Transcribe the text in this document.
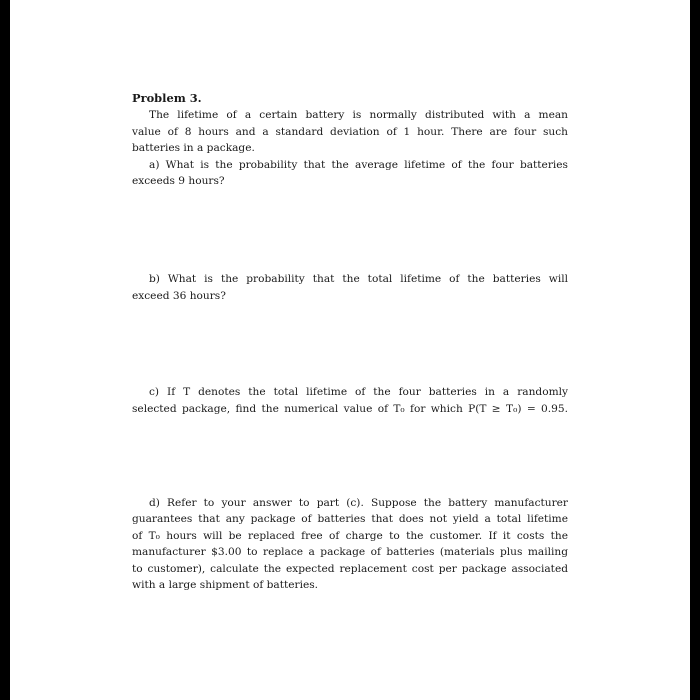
Problem 3.
The lifetime of a certain battery is normally distributed with a mean
value of 8 hours and a standard deviation of 1 hour. There are four such
batteries in a package.
a) What is the probability that the average lifetime of the four batteries
exceeds 9 hours?
b) What is the probability that the total lifetime of the batteries will
exceed 36 hours?
c) If T denotes the total lifetime of the four batteries in a randomly
selected package, find the numerical value of T₀ for which P(T ≥ T₀) = 0.95.
d) Refer to your answer to part (c). Suppose the battery manufacturer
guarantees that any package of batteries that does not yield a total lifetime
of T₀ hours will be replaced free of charge to the customer. If it costs the
manufacturer $3.00 to replace a package of batteries (materials plus mailing
to customer), calculate the expected replacement cost per package associated
with a large shipment of batteries.
